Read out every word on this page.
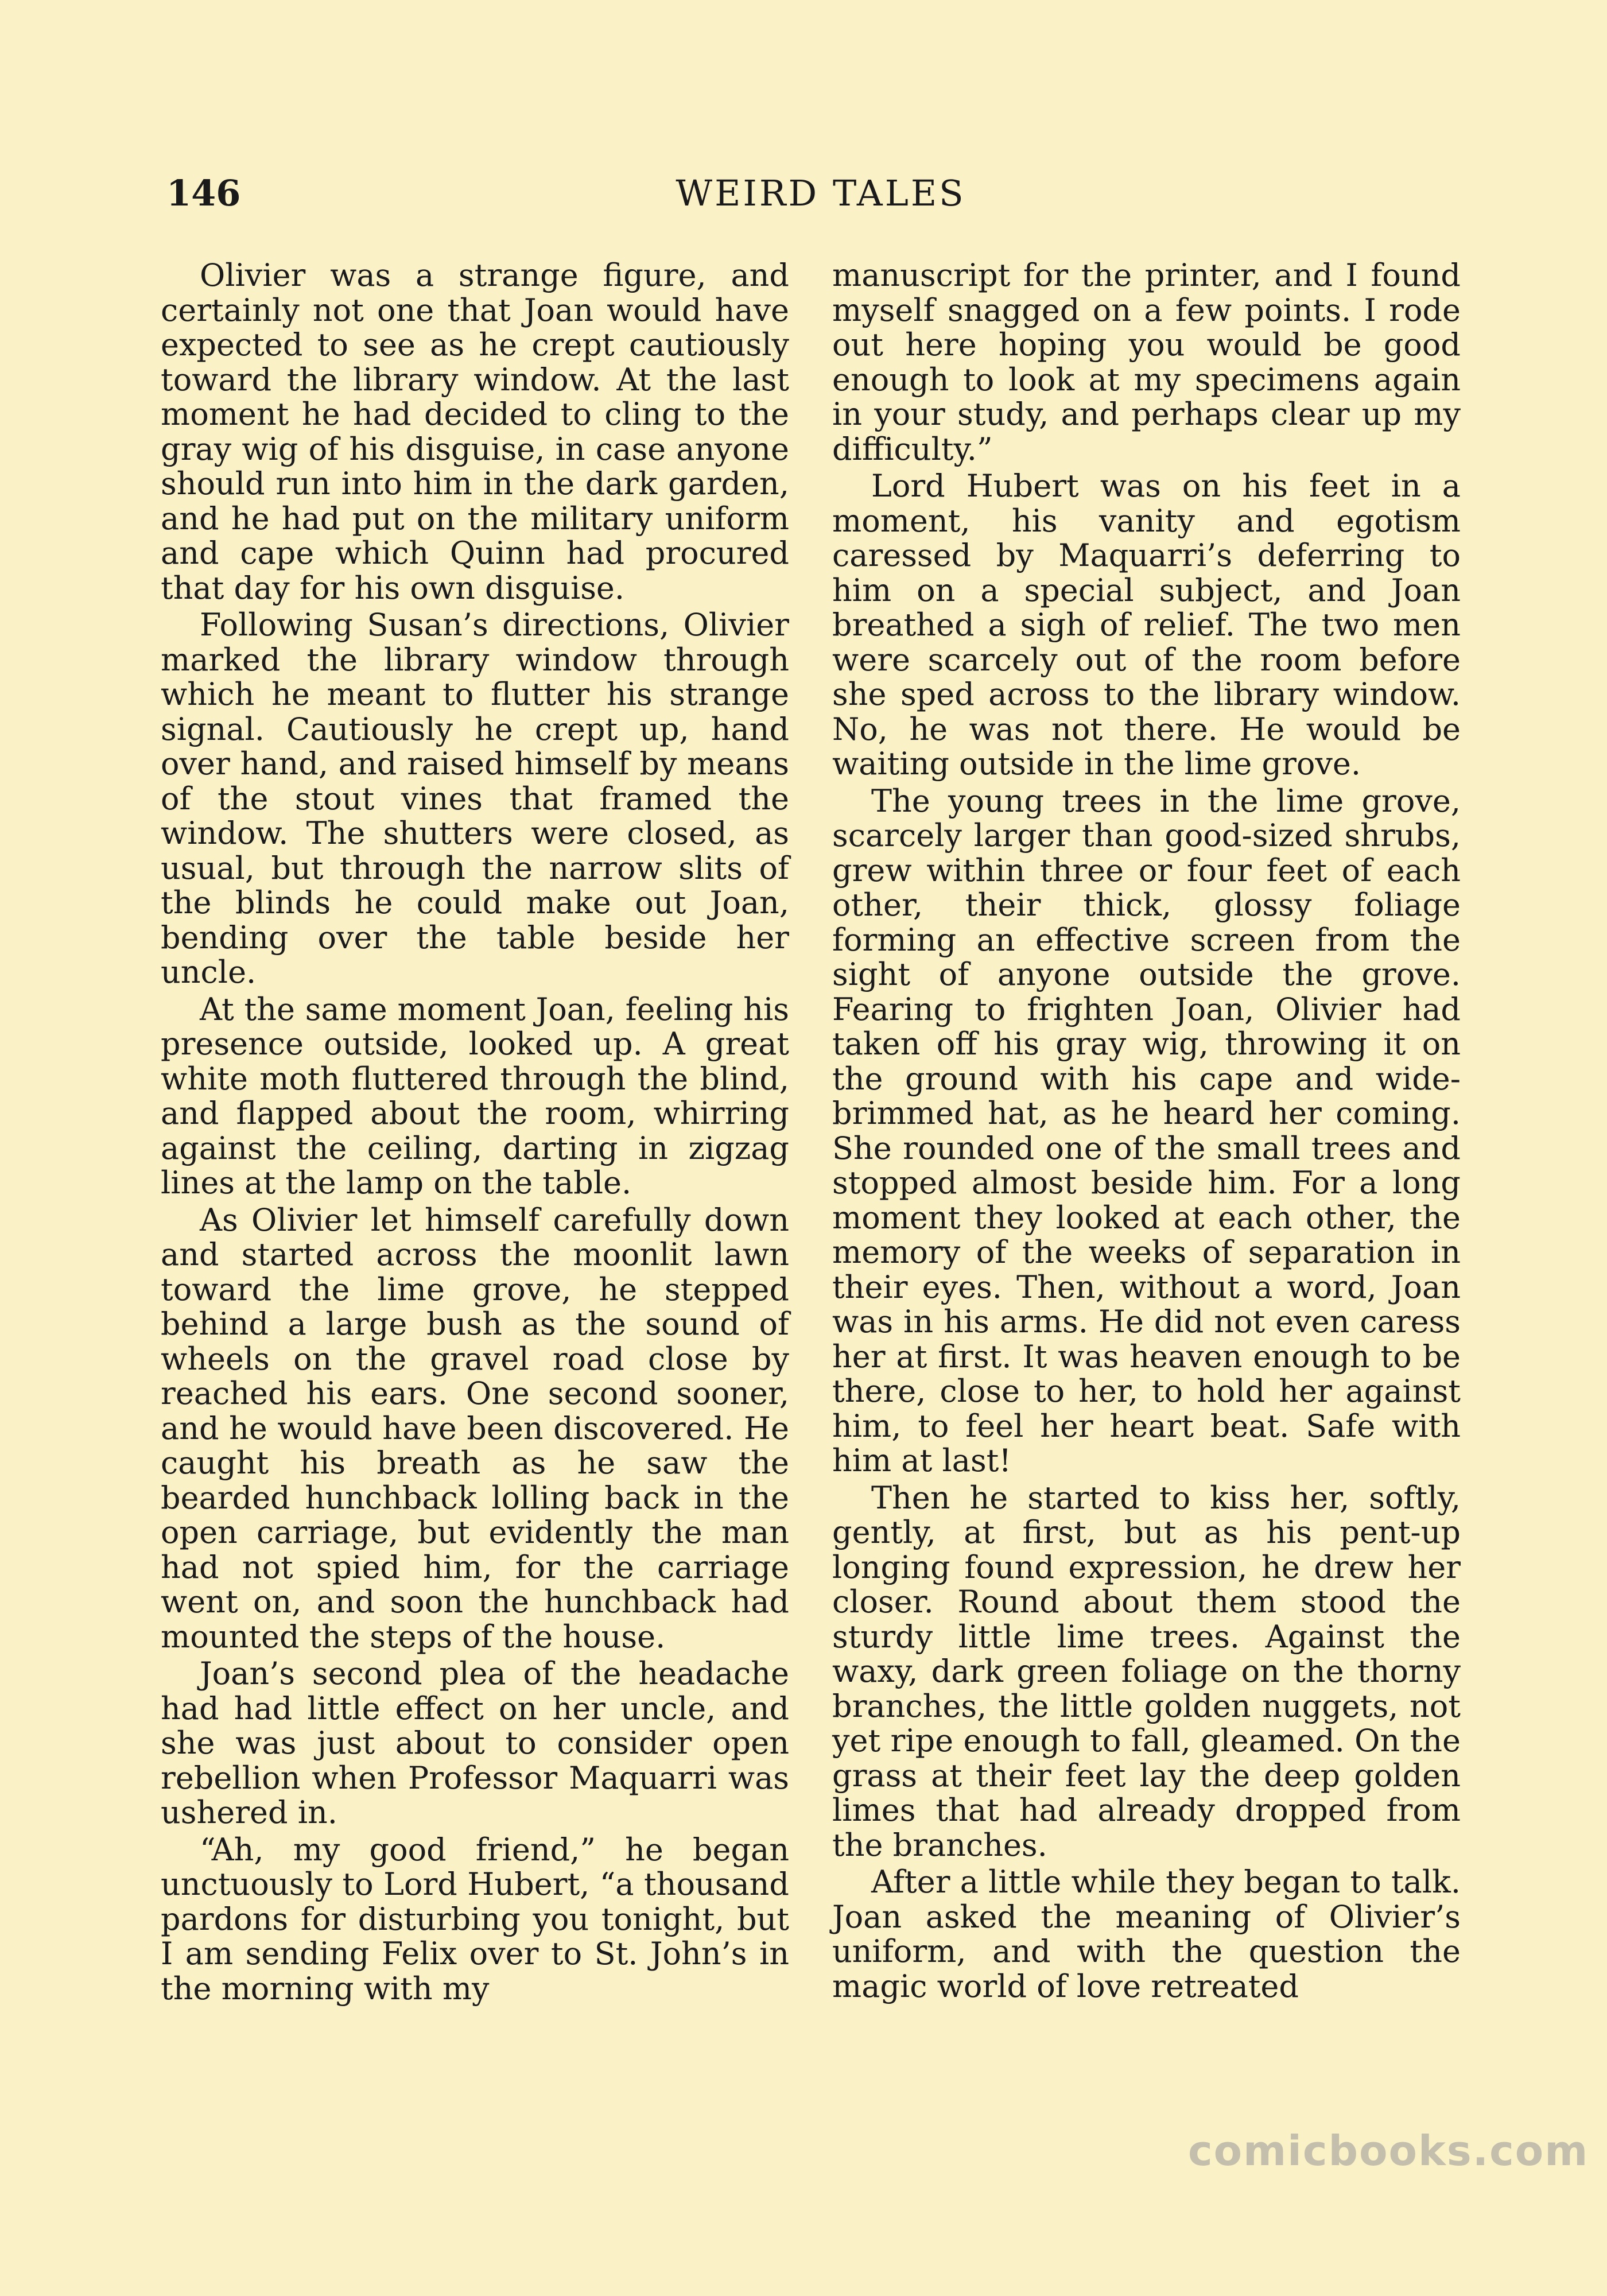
146	WEIRD TALES

Olivier was a strange figure, and certainly not one that Joan would have expected to see as he crept cautiously toward the library window. At the last moment he had decided to cling to the gray wig of his disguise, in case anyone should run into him in the dark garden, and he had put on the military uniform and cape which Quinn had procured that day for his own disguise.

Following Susan’s directions, Olivier marked the library window through which he meant to flutter his strange signal. Cautiously he crept up, hand over hand, and raised himself by means of the stout vines that framed the window. The shutters were closed, as usual, but through the narrow slits of the blinds he could make out Joan, bending over the table beside her uncle.

At the same moment Joan, feeling his presence outside, looked up. A great white moth fluttered through the blind, and flapped about the room, whirring against the ceiling, darting in zigzag lines at the lamp on the table.

As Olivier let himself carefully down and started across the moonlit lawn toward the lime grove, he stepped behind a large bush as the sound of wheels on the gravel road close by reached his ears. One second sooner, and he would have been discovered. He caught his breath as he saw the bearded hunchback lolling back in the open carriage, but evidently the man had not spied him, for the carriage went on, and soon the hunchback had mounted the steps of the house.

Joan’s second plea of the headache had had little effect on her uncle, and she was just about to consider open rebellion when Professor Maquarri was ushered in.

“Ah, my good friend,” he began unctuously to Lord Hubert, “a thousand pardons for disturbing you tonight, but I am sending Felix over to St. John’s in the morning with my

manuscript for the printer, and I found myself snagged on a few points. I rode out here hoping you would be good enough to look at my specimens again in your study, and perhaps clear up my difficulty.”

Lord Hubert was on his feet in a moment, his vanity and egotism caressed by Maquarri’s deferring to him on a special subject, and Joan breathed a sigh of relief. The two men were scarcely out of the room before she sped across to the library window. No, he was not there. He would be waiting outside in the lime grove.

The young trees in the lime grove, scarcely larger than good-sized shrubs, grew within three or four feet of each other, their thick, glossy foliage forming an effective screen from the sight of anyone outside the grove. Fearing to frighten Joan, Olivier had taken off his gray wig, throwing it on the ground with his cape and wide-brimmed hat, as he heard her coming. She rounded one of the small trees and stopped almost beside him. For a long moment they looked at each other, the memory of the weeks of separation in their eyes. Then, without a word, Joan was in his arms. He did not even caress her at first. It was heaven enough to be there, close to her, to hold her against him, to feel her heart beat. Safe with him at last!

Then he started to kiss her, softly, gently, at first, but as his pent-up longing found expression, he drew her closer. Round about them stood the sturdy little lime trees. Against the waxy, dark green foliage on the thorny branches, the little golden nuggets, not yet ripe enough to fall, gleamed. On the grass at their feet lay the deep golden limes that had already dropped from the branches.

After a little while they began to talk. Joan asked the meaning of Olivier’s uniform, and with the question the magic world of love retreated

comicbooks.com
